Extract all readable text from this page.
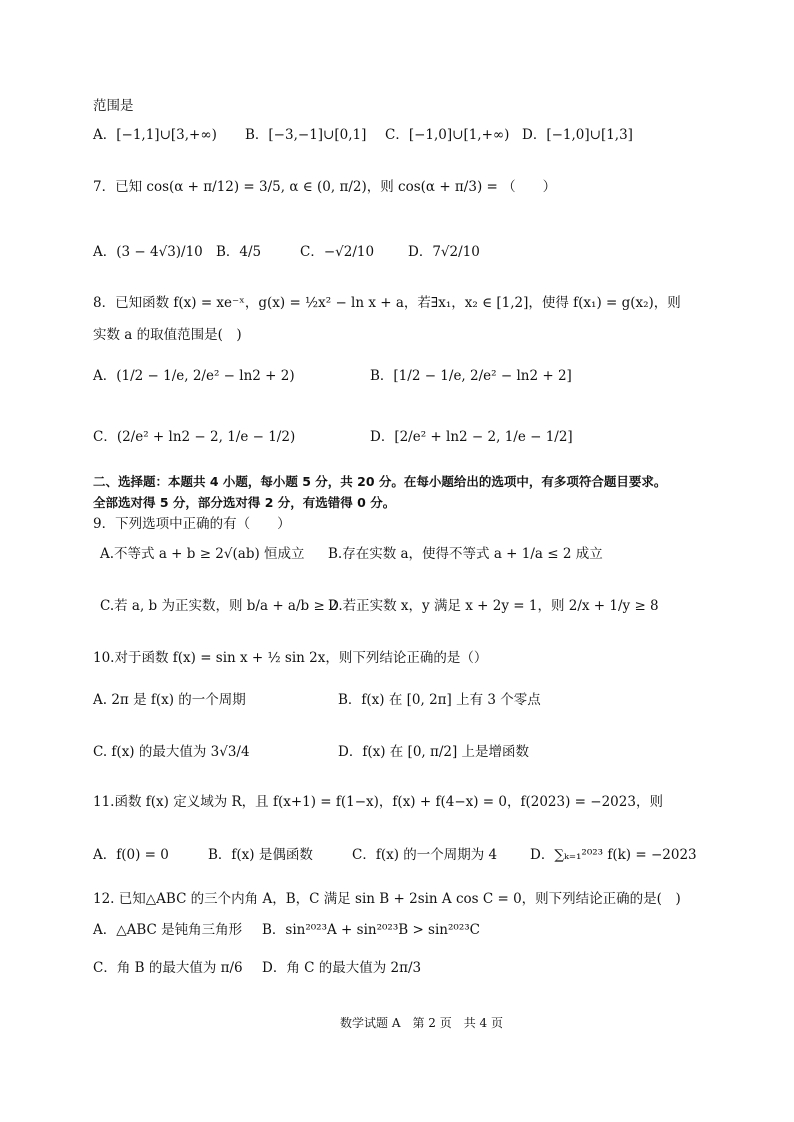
范围是
A．[−1,1]∪[3,+∞) B．[−3,−1]∪[0,1] C．[−1,0]∪[1,+∞) D．[−1,0]∪[1,3]
7．已知 cos(α + π/12) = 3/5, α ∈ (0, π/2)，则 cos(α + π/3) = （　　）
A．(3 − 4√3)/10 B．4/5	C．−√2/10	D．7√2/10
8．已知函数 f(x) = xe⁻ˣ，g(x) = ½x² − ln x + a，若∃x₁，x₂ ∈ [1,2]，使得 f(x₁) = g(x₂)，则
实数 a 的取值范围是(　)
A．(1/2 − 1/e, 2/e² − ln2 + 2)	B．[1/2 − 1/e, 2/e² − ln2 + 2]
C．(2/e² + ln2 − 2, 1/e − 1/2)	D．[2/e² + ln2 − 2, 1/e − 1/2]
二、选择题：本题共 4 小题，每小题 5 分，共 20 分。在每小题给出的选项中，有多项符合题目要求。
全部选对得 5 分，部分选对得 2 分，有选错得 0 分。
9．下列选项中正确的有（　　）
A.不等式 a + b ≥ 2√(ab) 恒成立 B.存在实数 a，使得不等式 a + 1/a ≤ 2 成立
C.若 a, b 为正实数，则 b/a + a/b ≥ 2
D.若正实数 x，y 满足 x + 2y = 1，则 2/x + 1/y ≥ 8
10.对于函数 f(x) = sin x + ½ sin 2x，则下列结论正确的是（）
A. 2π 是 f(x) 的一个周期	B．f(x) 在 [0, 2π] 上有 3 个零点
C. f(x) 的最大值为 3√3/4	D．f(x) 在 [0, π/2] 上是增函数
11.函数 f(x) 定义域为 R，且 f(x+1) = f(1−x)，f(x) + f(4−x) = 0，f(2023) = −2023，则
A．f(0) = 0	B．f(x) 是偶函数	C．f(x) 的一个周期为 4 D．∑ₖ₌₁²⁰²³ f(k) = −2023
12. 已知△ABC 的三个内角 A，B，C 满足 sin B + 2sin A cos C = 0，则下列结论正确的是(　)
A．△ABC 是钝角三角形 B．sin²⁰²³A + sin²⁰²³B > sin²⁰²³C
C．角 B 的最大值为 π/6 D．角 C 的最大值为 2π/3
数学试题 A　第 2 页　共 4 页
